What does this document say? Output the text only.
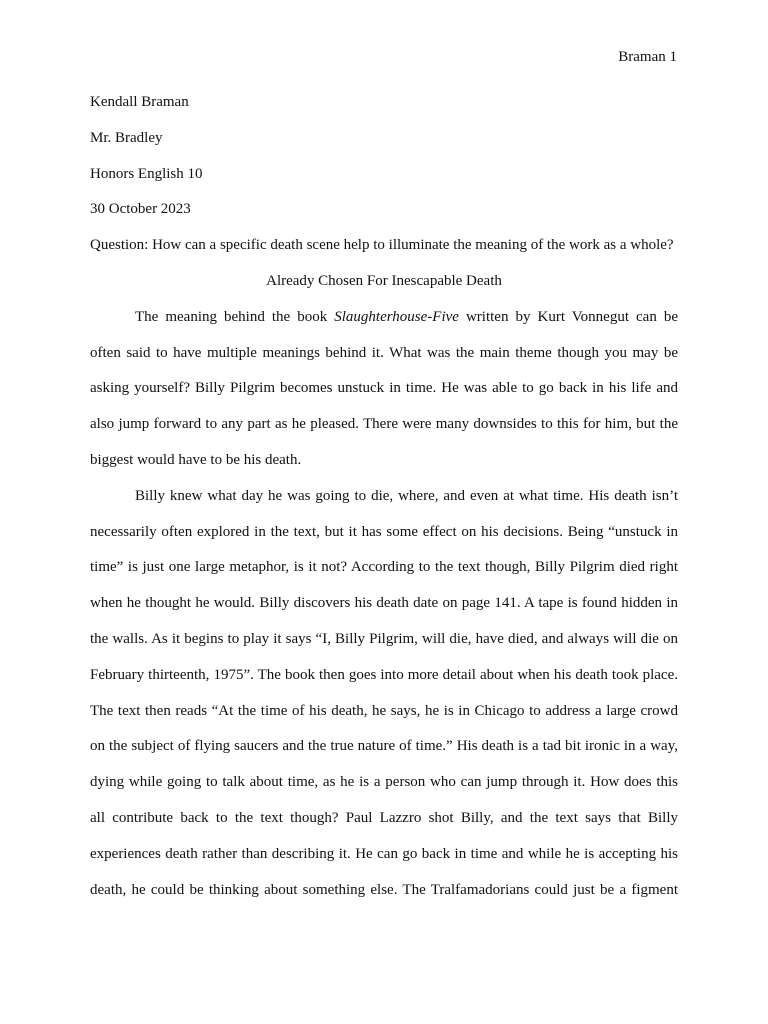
Braman 1
Kendall Braman
Mr. Bradley
Honors English 10
30 October 2023
Question: How can a specific death scene help to illuminate the meaning of the work as a whole?
Already Chosen For Inescapable Death
The meaning behind the book Slaughterhouse-Five written by Kurt Vonnegut can be
often said to have multiple meanings behind it. What was the main theme though you may be
asking yourself? Billy Pilgrim becomes unstuck in time. He was able to go back in his life and
also jump forward to any part as he pleased. There were many downsides to this for him, but the
biggest would have to be his death.
Billy knew what day he was going to die, where, and even at what time. His death isn’t
necessarily often explored in the text, but it has some effect on his decisions. Being “unstuck in
time” is just one large metaphor, is it not? According to the text though, Billy Pilgrim died right
when he thought he would. Billy discovers his death date on page 141. A tape is found hidden in
the walls. As it begins to play it says “I, Billy Pilgrim, will die, have died, and always will die on
February thirteenth, 1975”. The book then goes into more detail about when his death took place.
The text then reads “At the time of his death, he says, he is in Chicago to address a large crowd
on the subject of flying saucers and the true nature of time.” His death is a tad bit ironic in a way,
dying while going to talk about time, as he is a person who can jump through it. How does this
all contribute back to the text though? Paul Lazzro shot Billy, and the text says that Billy
experiences death rather than describing it. He can go back in time and while he is accepting his
death, he could be thinking about something else. The Tralfamadorians could just be a figment
